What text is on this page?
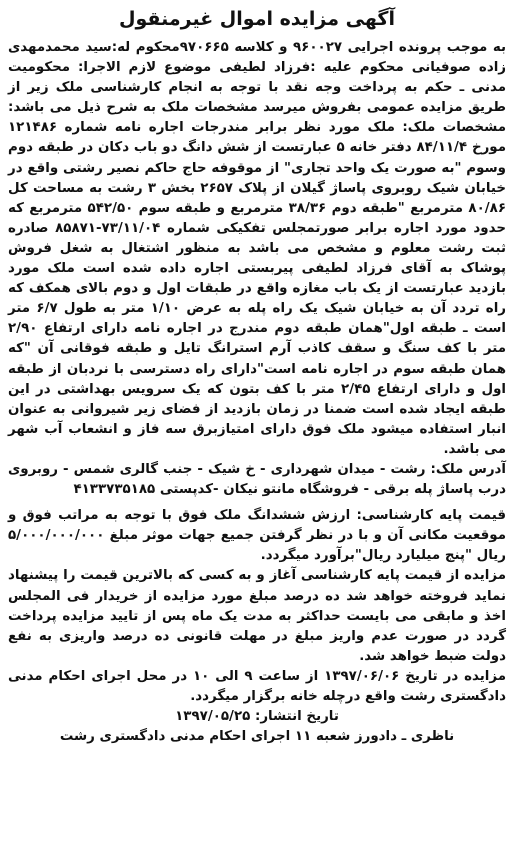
آگهی مزایده اموال غیرمنقول

به موجب پرونده اجرایی ۹۶۰۰۲۷ و کلاسه ۹۷۰۶۶۵محکوم له:سید محمدمهدی زاده صوفیانی محکوم علیه :فرزاد لطیفی موضوع لازم الاجرا: محکومیت مدنی ـ حکم به پرداخت وجه نقد با توجه به انجام کارشناسی ملک زیر از طریق مزایده عمومی بفروش میرسد مشخصات ملک به شرح ذیل می باشد: مشخصات ملک: ملک مورد نظر برابر مندرجات اجاره نامه شماره ۱۲۱۴۸۶ مورخ ۸۴/۱۱/۴ دفتر خانه ۵ عبارتست از شش دانگ دو باب دکان در طبقه دوم وسوم "به صورت یک واحد تجاری" از موقوفه حاج حاکم نصیر رشتی واقع در خیابان شیک روبروی پاساژ گیلان از پلاک ۲۶۵۷ بخش ۳ رشت به مساحت کل ۸۰/۸۶ مترمربع "طبقه دوم ۳۸/۳۶ مترمربع و طبقه سوم ۵۴۲/۵۰ مترمربع که حدود مورد اجاره برابر صورتمجلس تفکیکی شماره ۷۳/۱۱/۰۴-۸۵۸۷۱ صادره ثبت رشت معلوم و مشخص می باشد به منظور اشتغال به شغل فروش پوشاک به آقای فرزاد لطیفی پیربستی اجاره داده شده است ملک مورد بازدید عبارتست از یک باب مغازه واقع در طبقات اول و دوم بالای همکف که راه تردد آن به خیابان شیک یک راه پله به عرض ۱/۱۰ متر به طول ۶/۷ متر است ـ طبقه اول"همان طبقه دوم مندرج در اجاره نامه دارای ارتفاع ۲/۹۰ متر با کف سنگ و سقف کاذب آرم استرانگ تایل و طبقه فوقانی آن "که همان طبقه سوم در اجاره نامه است"دارای راه دسترسی با نردبان از طبقه اول و دارای ارتفاع ۲/۴۵ متر با کف بتون که یک سرویس بهداشتی در این طبقه ایجاد شده است ضمنا در زمان بازدید از فضای زیر شیروانی به عنوان انبار استفاده میشود ملک فوق دارای امتیازبرق سه فاز و انشعاب آب شهر می باشد.

آدرس ملک: رشت - میدان شهرداری - خ شیک - جنب گالری شمس - روبروی درب پاساژ پله برقی - فروشگاه مانتو نیکان -کدپستی ۴۱۳۳۷۳۵۱۸۵

قیمت پایه کارشناسی: ارزش ششدانگ ملک فوق با توجه به مراتب فوق و موقعیت مکانی آن و با در نظر گرفتن جمیع جهات موثر مبلغ ۵/۰۰۰/۰۰۰/۰۰۰ ریال "پنج میلیارد ریال"برآورد میگردد.

مزایده از قیمت پایه کارشناسی آغاز و به کسی که بالاترین قیمت را پیشنهاد نماید فروخته خواهد شد ده درصد مبلغ مورد مزایده از خریدار فی المجلس اخذ و مابقی می بایست حداکثر به مدت یک ماه پس از تایید مزایده پرداخت گردد در صورت عدم واریز مبلغ در مهلت قانونی ده درصد واریزی به نفع دولت ضبط خواهد شد.

مزایده در تاریخ ۱۳۹۷/۰۶/۰۶ از ساعت ۹ الی ۱۰ در محل اجرای احکام مدنی دادگستری رشت واقع درچله خانه برگزار میگردد.

تاریخ انتشار: ۱۳۹۷/۰۵/۲۵

ناظری ـ دادورز شعبه ۱۱ اجرای احکام مدنی دادگستری رشت
